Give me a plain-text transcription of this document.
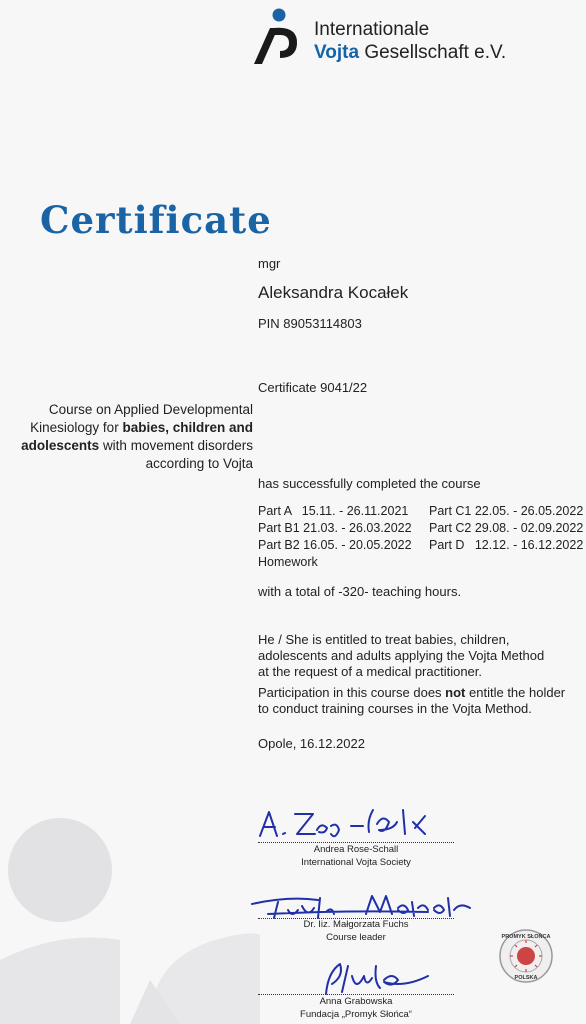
Internationale
Vojta Gesellschaft e.V.
Certificate
mgr
Aleksandra Kocałek
PIN 89053114803
Certificate 9041/22
Course on Applied Developmental
Kinesiology for babies, children and
adolescents with movement disorders
according to Vojta
has successfully completed the course
Part A   15.11. - 26.11.2021	Part C1 22.05. - 26.05.2022
Part B1 21.03. - 26.03.2022	Part C2 29.08. - 02.09.2022
Part B2 16.05. - 20.05.2022	Part D   12.12. - 16.12.2022
Homework
with a total of -320- teaching hours.
He / She is entitled to treat babies, children,
adolescents and adults applying the Vojta Method
at the request of a medical practitioner.
Participation in this course does not entitle the holder
to conduct training courses in the Vojta Method.
Opole, 16.12.2022
Andrea Rose-Schall
International Vojta Society
Dr. Iiz. Małgorzata Fuchs
Course leader	PROMYK SŁOŃCA
POLSKA
Anna Grabowska
Fundacja „Promyk Słońca“
